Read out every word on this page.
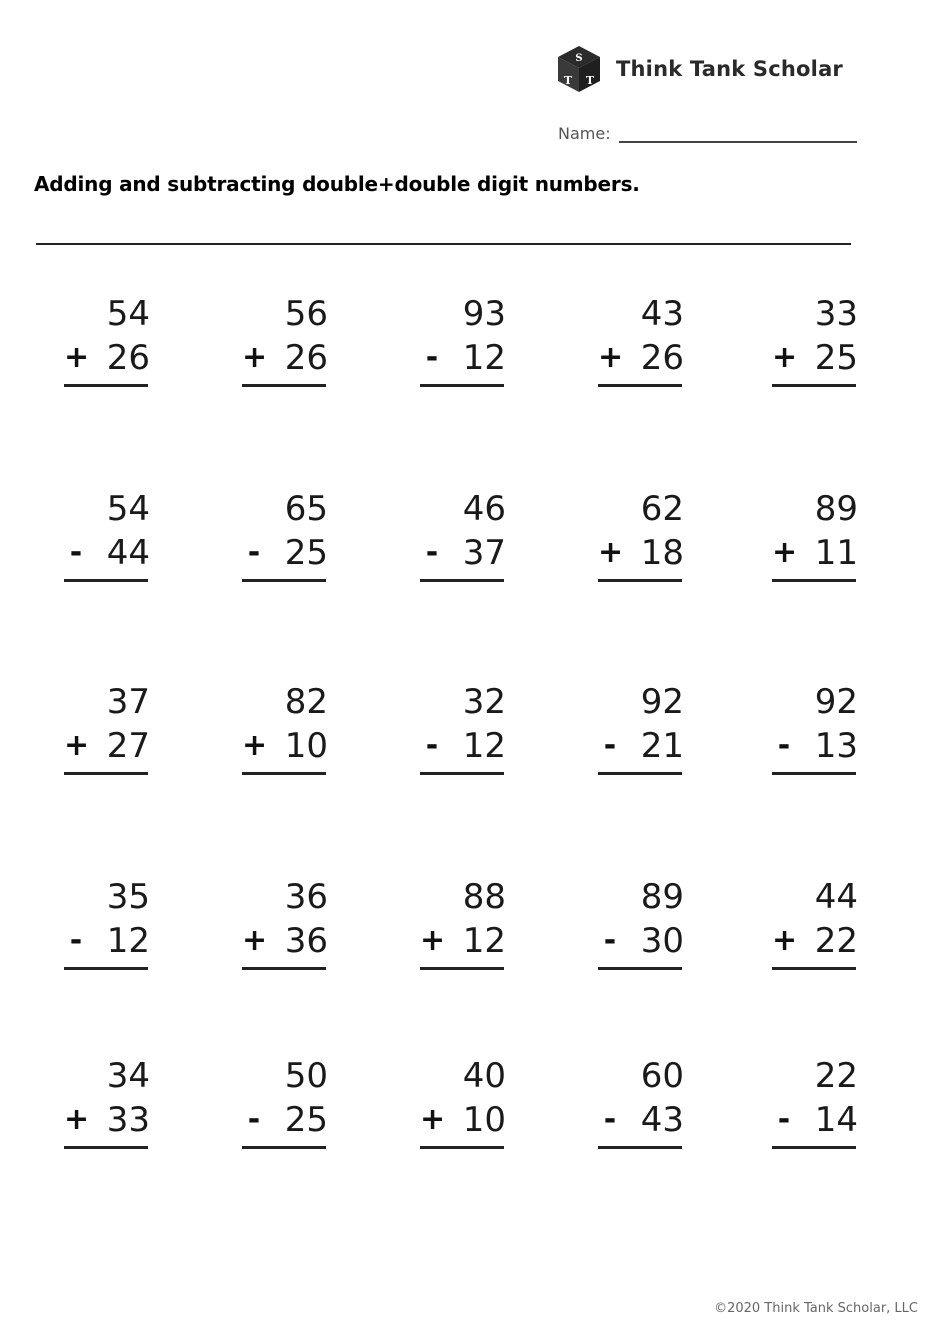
S
T T Think Tank Scholar
Name:
Adding and subtracting double+double digit numbers.
54
+ 26
56
+ 26
93
- 12
43
+ 26
33
+ 25
54
- 44
65
- 25
46
- 37
62
+ 18
89
+ 11
37
+ 27
82
+ 10
32
- 12
92
- 21
92
- 13
35
- 12
36
+ 36
88
+ 12
89
- 30
44
+ 22
34
+ 33
50
- 25
40
+ 10
60
- 43
22
- 14
©2020 Think Tank Scholar, LLC
